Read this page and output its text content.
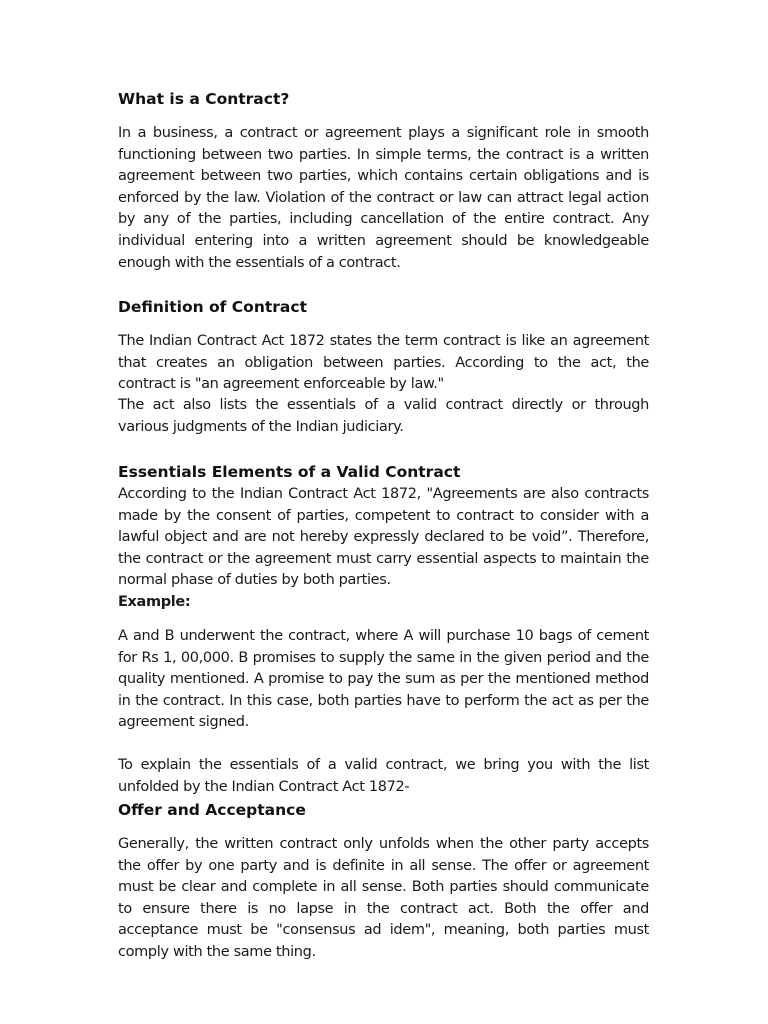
What is a Contract?

In a business, a contract or agreement plays a significant role in smooth functioning between two parties. In simple terms, the contract is a written agreement between two parties, which contains certain obligations and is enforced by the law. Violation of the contract or law can attract legal action by any of the parties, including cancellation of the entire contract. Any individual entering into a written agreement should be knowledgeable enough with the essentials of a contract.

Definition of Contract

The Indian Contract Act 1872 states the term contract is like an agreement that creates an obligation between parties. According to the act, the contract is "an agreement enforceable by law."

The act also lists the essentials of a valid contract directly or through various judgments of the Indian judiciary.

Essentials Elements of a Valid Contract

According to the Indian Contract Act 1872, "Agreements are also contracts made by the consent of parties, competent to contract to consider with a lawful object and are not hereby expressly declared to be void”. Therefore, the contract or the agreement must carry essential aspects to maintain the normal phase of duties by both parties.

Example:

A and B underwent the contract, where A will purchase 10 bags of cement for Rs 1, 00,000. B promises to supply the same in the given period and the quality mentioned. A promise to pay the sum as per the mentioned method in the contract. In this case, both parties have to perform the act as per the agreement signed.

To explain the essentials of a valid contract, we bring you with the list unfolded by the Indian Contract Act 1872-

Offer and Acceptance

Generally, the written contract only unfolds when the other party accepts the offer by one party and is definite in all sense. The offer or agreement must be clear and complete in all sense. Both parties should communicate to ensure there is no lapse in the contract act. Both the offer and acceptance must be "consensus ad idem", meaning, both parties must comply with the same thing.
